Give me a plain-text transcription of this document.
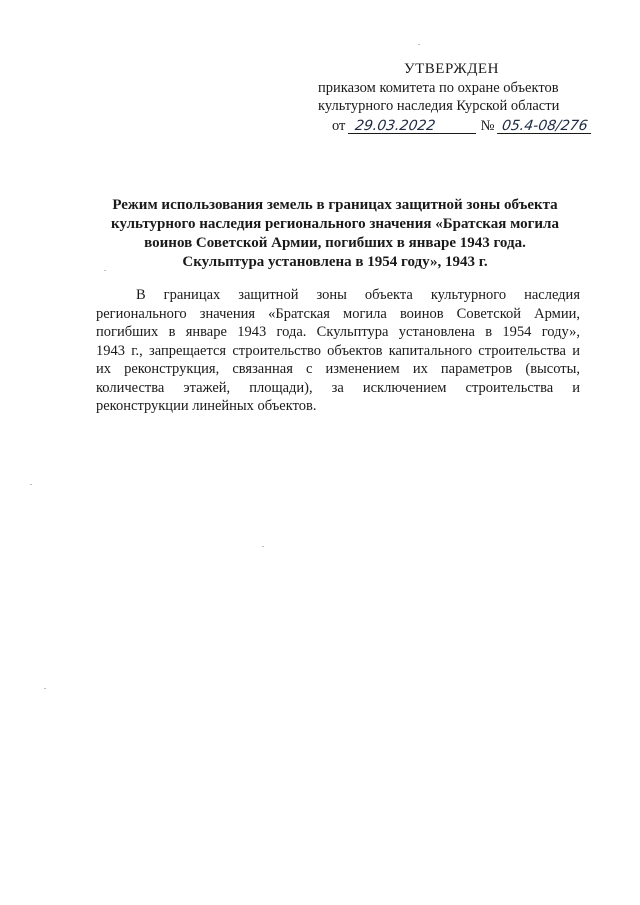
УТВЕРЖДЕН
приказом комитета по охране объектов
культурного наследия Курской области
от 29.03.2022	№ 05.4-08/276
Режим использования земель в границах защитной зоны объекта
культурного наследия регионального значения «Братская могила
воинов Советской Армии, погибших в январе 1943 года.
Скульптура установлена в 1954 году», 1943 г.
В границах защитной зоны объекта культурного наследия
регионального значения «Братская могила воинов Советской Армии,
погибших в январе 1943 года. Скульптура установлена в 1954 году»,
1943 г., запрещается строительство объектов капитального строительства и
их реконструкция, связанная с изменением их параметров (высоты,
количества этажей, площади), за исключением строительства и
реконструкции линейных объектов.
